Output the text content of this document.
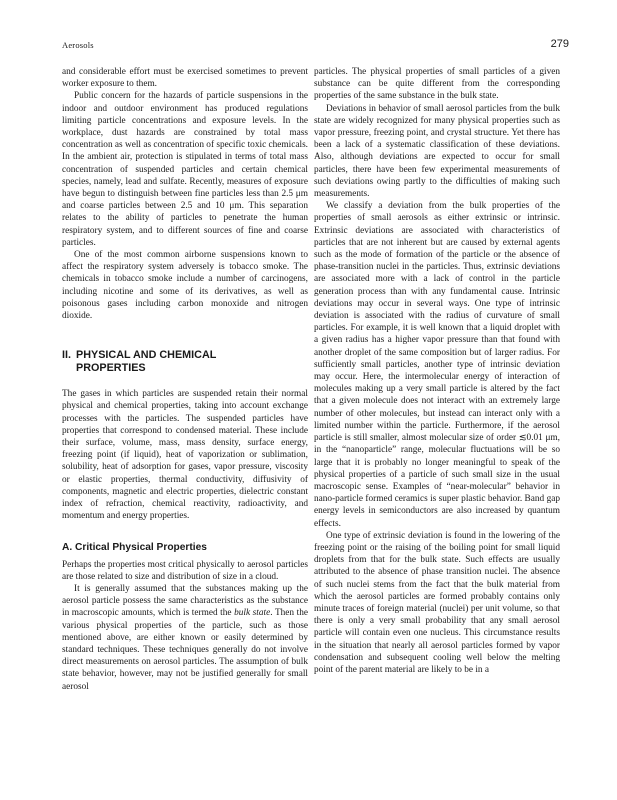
Aerosols	279

and considerable effort must be exercised sometimes to prevent worker exposure to them.

Public concern for the hazards of particle suspensions in the indoor and outdoor environment has produced regulations limiting particle concentrations and exposure levels. In the workplace, dust hazards are constrained by total mass concentration as well as concentration of specific toxic chemicals. In the ambient air, protection is stipulated in terms of total mass concentration of suspended particles and certain chemical species, namely, lead and sulfate. Recently, measures of exposure have begun to distinguish between fine particles less than 2.5 μm and coarse particles between 2.5 and 10 μm. This separation relates to the ability of particles to penetrate the human respiratory system, and to different sources of fine and coarse particles.

One of the most common airborne suspensions known to affect the respiratory system adversely is tobacco smoke. The chemicals in tobacco smoke include a number of carcinogens, including nicotine and some of its derivatives, as well as poisonous gases including carbon monoxide and nitrogen dioxide.

II. PHYSICAL AND CHEMICAL
PROPERTIES

The gases in which particles are suspended retain their normal physical and chemical properties, taking into account exchange processes with the particles. The suspended particles have properties that correspond to condensed material. These include their surface, volume, mass, mass density, surface energy, freezing point (if liquid), heat of vaporization or sublimation, solubility, heat of adsorption for gases, vapor pressure, viscosity or elastic properties, thermal conductivity, diffusivity of components, magnetic and electric properties, dielectric constant index of refraction, chemical reactivity, radioactivity, and momentum and energy properties.

A. Critical Physical Properties

Perhaps the properties most critical physically to aerosol particles are those related to size and distribution of size in a cloud.

It is generally assumed that the substances making up the aerosol particle possess the same characteristics as the substance in macroscopic amounts, which is termed the bulk state. Then the various physical properties of the particle, such as those mentioned above, are either known or easily determined by standard techniques. These techniques generally do not involve direct measurements on aerosol particles. The assumption of bulk state behavior, however, may not be justified generally for small aerosol

particles. The physical properties of small particles of a given substance can be quite different from the corresponding properties of the same substance in the bulk state.

Deviations in behavior of small aerosol particles from the bulk state are widely recognized for many physical properties such as vapor pressure, freezing point, and crystal structure. Yet there has been a lack of a systematic classification of these deviations. Also, although deviations are expected to occur for small particles, there have been few experimental measurements of such deviations owing partly to the difficulties of making such measurements.

We classify a deviation from the bulk properties of the properties of small aerosols as either extrinsic or intrinsic. Extrinsic deviations are associated with characteristics of particles that are not inherent but are caused by external agents such as the mode of formation of the particle or the absence of phase-transition nuclei in the particles. Thus, extrinsic deviations are associated more with a lack of control in the particle generation process than with any fundamental cause. Intrinsic deviations may occur in several ways. One type of intrinsic deviation is associated with the radius of curvature of small particles. For example, it is well known that a liquid droplet with a given radius has a higher vapor pressure than that found with another droplet of the same composition but of larger radius. For sufficiently small particles, another type of intrinsic deviation may occur. Here, the intermolecular energy of interaction of molecules making up a very small particle is altered by the fact that a given molecule does not interact with an extremely large number of other molecules, but instead can interact only with a limited number within the particle. Furthermore, if the aerosol particle is still smaller, almost molecular size of order ≲0.01 μm, in the “nanoparticle” range, molecular fluctuations will be so large that it is probably no longer meaningful to speak of the physical properties of a particle of such small size in the usual macroscopic sense. Examples of “near-molecular” behavior in nano-particle formed ceramics is super plastic behavior. Band gap energy levels in semiconductors are also increased by quantum effects.

One type of extrinsic deviation is found in the lowering of the freezing point or the raising of the boiling point for small liquid droplets from that for the bulk state. Such effects are usually attributed to the absence of phase transition nuclei. The absence of such nuclei stems from the fact that the bulk material from which the aerosol particles are formed probably contains only minute traces of foreign material (nuclei) per unit volume, so that there is only a very small probability that any small aerosol particle will contain even one nucleus. This circumstance results in the situation that nearly all aerosol particles formed by vapor condensation and subsequent cooling well below the melting point of the parent material are likely to be in a
